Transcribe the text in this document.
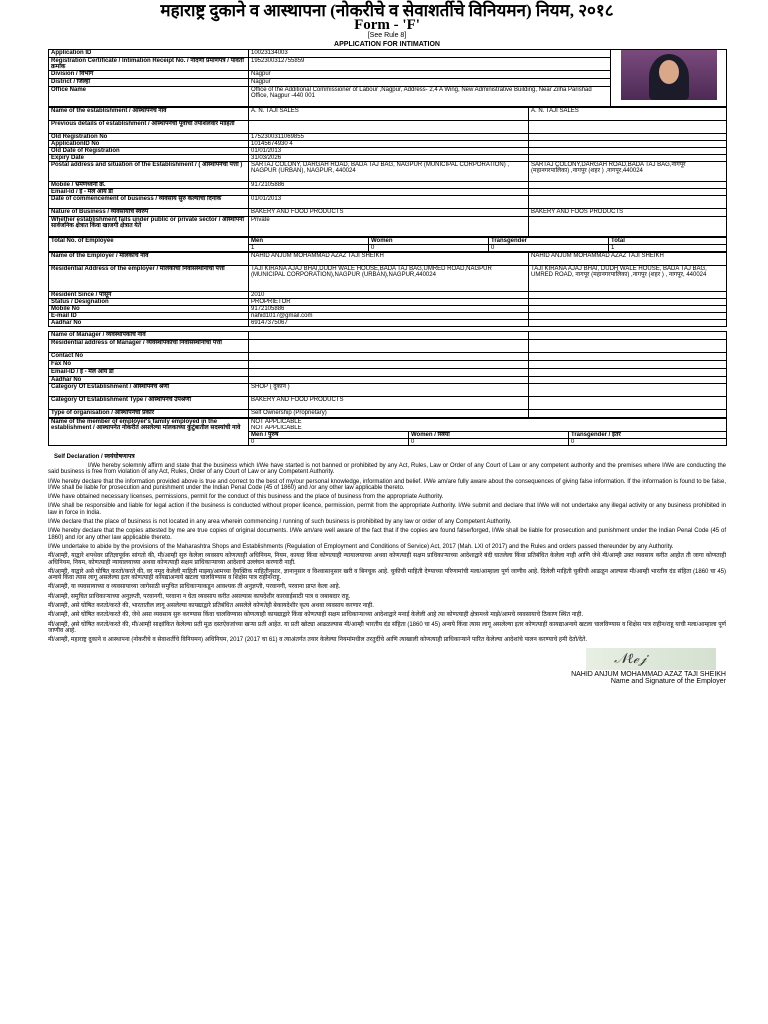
महाराष्ट्र दुकाने व आस्थापना (नोकरीचे व सेवाशर्तीचे विनियमन) नियम, २०१८
Form - 'F'
[See Rule 8]
APPLICATION FOR INTIMATION
Application ID	10023134003	

Registration Certificate / Intimation Receipt No. / नोंदणी प्रमाणपत्र / पावती क्रमांक	1952300312755859	
Division / विभाग	Nagpur	
District / जिल्हा	Nagpur	
Office Name	Office of the Additional Commissioner of Labour ,Nagpur, Address- 2,4 A Wing, New Administrative Building, Near Zilha Parishad Office, Nagpur -440 001	
Name of the establishment / आस्थापनेचे नाव	A. N. TAJI SALES	A. N. TAJI SALES
Previous details of establishment / आस्थापनेची पूर्वीची तपशिलवार माहिती		
Old Registration No	1752300311069855	
ApplicationID No	10145674930 4	
Old Date of Registration	01/01/2013	
Expiry Date	31/03/2026	
Postal address and situation of the Establishment / ( आस्थापनेचा पत्ता )	SARTAJ COLONY, DARGAH ROAD, BADA TAJ BAG, NAGPUR (MUNICIPAL CORPORATION) , NAGPUR (URBAN), NAGPUR, 440024	SARTAJ COLONY,DARGAH ROAD,BADA TAJ BAG,नागपूर (महानगरपालिका) ,नागपूर (शहर ) ,नागपूर,440024
Mobile / भ्रमणध्वनी क्र.	9172105886	
Email-Id / ई - मेल आय डी		
Date of commencement of business / व्यवसाय सुरु केल्याचा दिनांक	01/01/2013	
Nature of Business / व्यवसायाचे स्वरुप	BAKERY AND FOOD PRODUCTS	BAKERY AND FOOS PRODUCTS
Whether establishment falls under public or private sector / आस्थापना सार्वजनिक क्षेत्रात किंवा खाजगी क्षेत्रात येते	Private	
Total No. of Employee	Men	Women	Transgender	Total
	1	0	0	1
Name of the Employer / मालकाचे नाव	NAHID ANJUM MOHAMMAD AZAZ TAJI SHEIKH	NAHID ANJUM MOHAMMAD AZAZ TAJI SHEIKH
Residential Address of the employer / मालकाचा निवासस्थानाचा पत्ता	TAJI KIRANA AJAJ BHAI,DUDH WALE HOUSE,BADA TAJ BAG,UMRED ROAD,NAGPUR (MUNICIPAL CORPORATION),NAGPUR (URBAN),NAGPUR,440024	TAJI KIRANA AJAJ BHAI, DUDH WALE HOUSE, BADA TAJ BAG, UMRED ROAD, नागपूर (महानगरपालिका) ,नागपूर (शहर ) , नागपूर, 440024
Resident Since / पासून	2010	
Status / Designation	PROPRIETOR	
Mobile No	9172105886	
E-mail ID	nahid1017@gmail.com	
Aadhar No	69147375067	
Name of Manager / व्यवस्थापकाचे नाव		
Residential address of Manager / व्यवस्थापकाचा निवासस्थानाचा पत्ता		
Contact No		
Fax No		
Email-ID / ई - मेल आय डी		
Aadhar No		
Category Of Establishment / आस्थापनेचे श्रेणी	SHOP ( दुकान )	
Category Of Establishment Type / आस्थापनेचे उपश्रेणी	BAKERY AND FOOD PRODUCTS	
Type of organisation / आस्थापनेचा प्रकार	Self Ownership (Proprietary)	
Name of the member of employer's family employed in the establishment / आस्थापनेत नोकरीत असलेल्या मालकाच्या कुटुंबातील सदस्यांची नावे	NOT APPLICABLE		
	NOT APPLICABLE		
	Men / पुरुष	Women / स्त्रिया	Transgender / इतर
	0	0	0
Self Declaration / स्वयंघोषणापत्र

I/We hereby solemnly affirm and state that the business which I/We have started is not banned or prohibited by any Act, Rules, Law or Order of any Court of Law or any competent authority and the premises where I/We are conducting the said business is free from violation of any Act, Rules, Order of any Court of Law or any Competent Authority.

I/We hereby declare that the information provided above is true and correct to the best of my/our personal knowledge, information and belief. I/We am/are fully aware about the consequences of giving false information. If the information is found to be false, I/We shall be liable for prosecution and punishment under the Indian Penal Code (45 of 1860) and /or any other law applicable thereto.

I/We have obtained necessary licenses, permissions, permit for the conduct of this business and the place of business from the appropriate Authority.

I/We shall be responsible and liable for legal action if the business is conducted without proper licence, permission, permit from the appropriate Authority. I/We submit and declare that I/We will not undertake any illegal activity or any business prohibited in law in force in India.

I/We declare that the place of business is not located in any area wherein commencing / running of such business is prohibited by any law or order of any Competent Authority.

I/We hereby declare that the copies attested by me are true copies of original documents. I/We am/are well aware of the fact that if the copies are found false/forged, I/We shall be liable for prosecution and punishment under the Indian Penal Code (45 of 1860) and /or any other law applicable thereto.

I/We undertake to abide by the provisions of the Maharashtra Shops and Establishments (Regulation of Employment and Conditions of Service) Act, 2017 (Mah. LXI of 2017) and the Rules and orders passed thereunder by any Authority.

मी/आम्ही, याद्वारे शपथेवर प्रतिज्ञापूर्वक सांगतो की, मी/आम्ही सुरु केलेला व्यवसाय कोणत्याही अधिनियम, नियम, कायदा किंवा कोणत्याही न्यायालयाच्या अथवा कोणत्याही सक्षम प्राधिकाऱ्याच्या आदेशाद्वारे बंदी घातलेला किंवा प्रतिबंधित केलेला नाही आणि जेथे मी/आम्ही उक्त व्यवसाय करीत आहोत ती जागा कोणताही अधिनियम, नियम, कोणत्याही न्यायालयाच्या अथवा कोणत्याही सक्षम प्राधिकाऱ्याच्या आदेशाचे उल्लंघन करणारी नाही.

मी/आम्ही, याद्वारे असे घोषित करतो/करते की, वर नमूद केलेली माहिती माझ्या/आमच्या वैयक्तिक माहितीनुसार, ज्ञानानुसार व विश्वासानुसार खरी व बिनचूक आहे. चुकीची माहिती देण्याच्या परिणामांची मला/आम्हाला पूर्ण जाणीव आहे. दिलेली माहिती चुकीची आढळून आल्यास मी/आम्ही भारतीय दंड संहिता (1860 चा 45) अन्वये किंवा त्यास लागू असलेल्या इतर कोणत्याही कायद्याअन्वये खटला चालविण्यास व शिक्षेस पात्र राहीन/राहू.

मी/आम्ही, या व्यवसायाच्या व व्यवसायाच्या जागेसाठी समुचित प्राधिकाऱ्याकडून आवश्यक ती अनुज्ञप्ती, परवानगी, परवाना प्राप्त केला आहे.

मी/आम्ही, समुचित प्राधिकाऱ्याच्या अनुज्ञप्ती, परवानगी, परवाना न घेता व्यवसाय करीत असल्यास कायदेशीर कारवाईसाठी पात्र व जबाबदार राहू.

मी/आम्ही, असे घोषित करतो/करते की, भारतातील लागू असलेल्या कायद्याद्वारे प्रतिबंधित असलेले कोणतेही बेकायदेशीर कृत्य अथवा व्यवसाय करणार नाही.

मी/आम्ही, असे घोषित करतो/करते की, जेथे असा व्यवसाय सुरु करण्यास किंवा चालविण्यास कोणत्याही कायद्याद्वारे किंवा कोणत्याही सक्षम प्राधिकाऱ्याच्या आदेशाद्वारे मनाई केलेली आहे त्या कोणत्याही क्षेत्रामध्ये माझे/आमचे व्यवसायाचे ठिकाण स्थित नाही.

मी/आम्ही, असे घोषित करतो/करते की, मी/आम्ही साक्षांकित केलेल्या प्रती मूळ दस्तऐवजांच्या खऱ्या प्रती आहेत. या प्रती खोट्या आढळल्यास मी/आम्ही भारतीय दंड संहिता (1860 चा 45) अन्वये किंवा त्यास लागू असलेल्या इतर कोणत्याही कायद्याअन्वये खटला चालविण्यास व शिक्षेस पात्र राहीन/राहू याची मला/आम्हाला पूर्ण जाणीव आहे.

मी/आम्ही, महाराष्ट्र दुकाने व आस्थापना (नोकरीचे व सेवाशर्तीचे विनियमन) अधिनियम, 2017 (2017 चा 61) व त्याअंतर्गत तयार केलेल्या नियमांमधील तरतुदींचे आणि त्याखाली कोणत्याही प्राधिकाऱ्याने पारित केलेल्या आदेशांचे पालन करण्याचे हमी देतो/देते.

𝒩ℓℯ𝒿
NAHID ANJUM MOHAMMAD AZAZ TAJI SHEIKH
Name and Signature of the Employer
